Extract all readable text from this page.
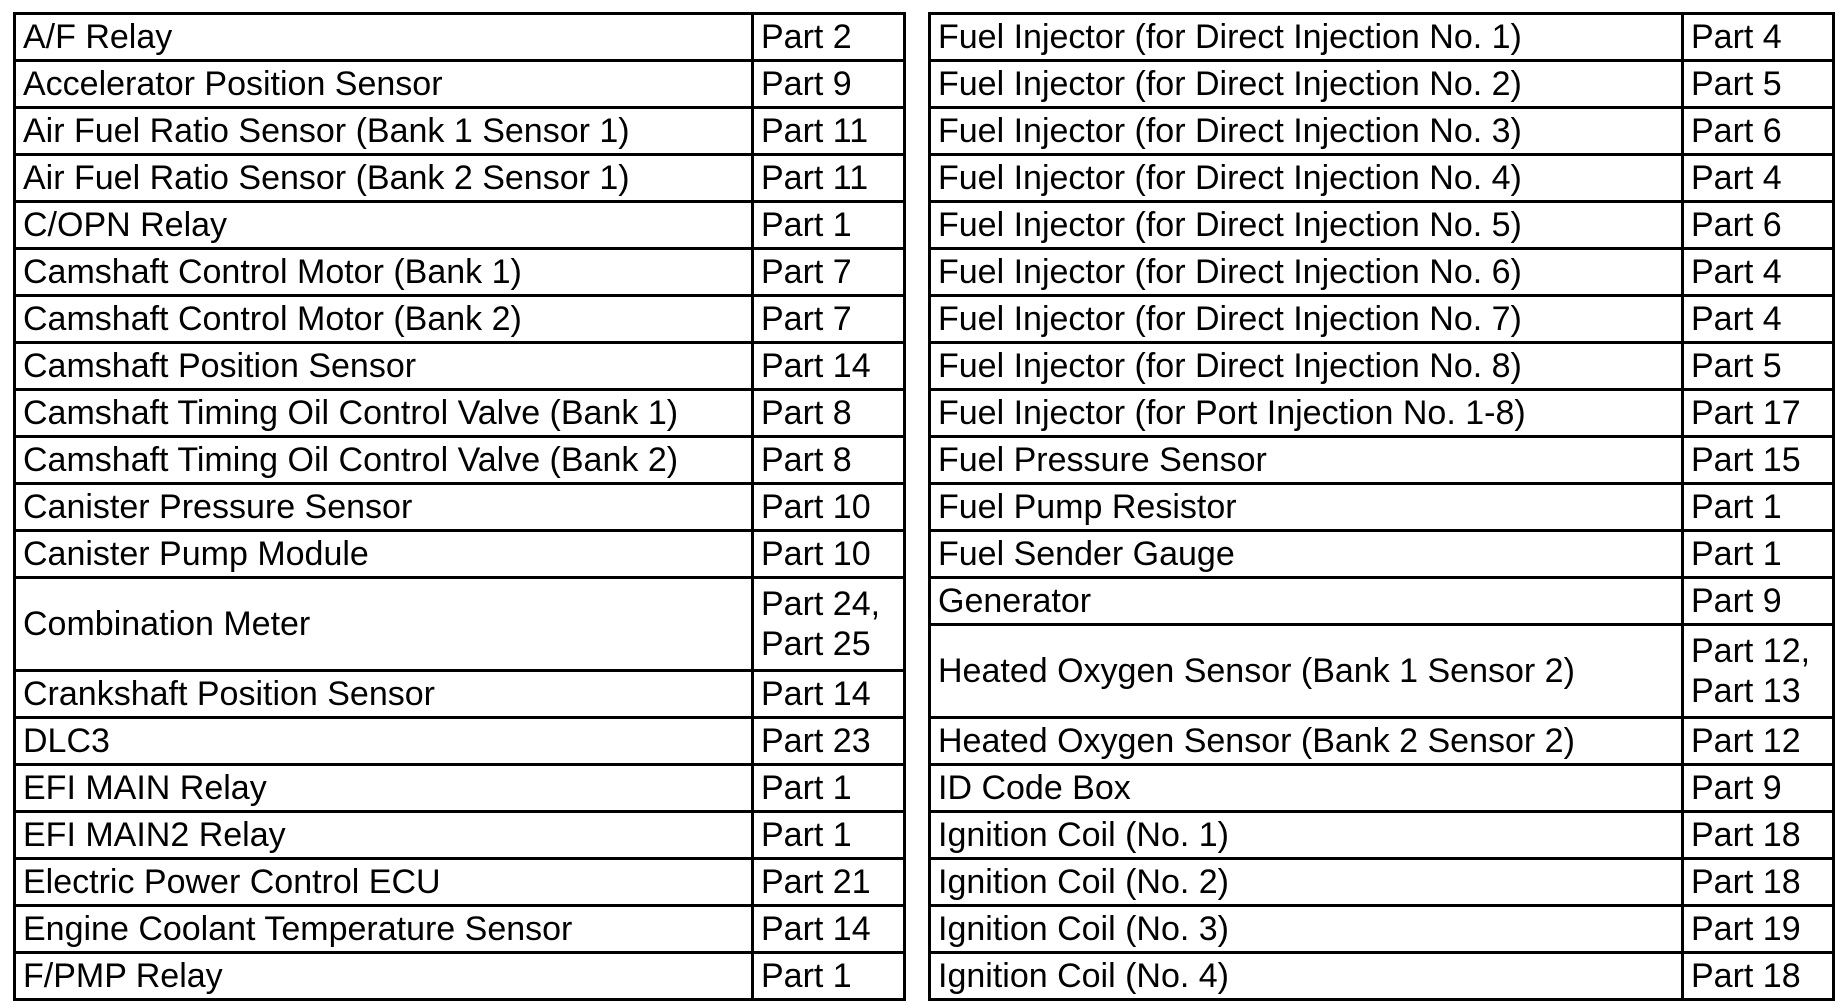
A/F Relay	Part 2

Accelerator Position Sensor	Part 9

Air Fuel Ratio Sensor (Bank 1 Sensor 1)	Part 11

Air Fuel Ratio Sensor (Bank 2 Sensor 1)	Part 11

C/OPN Relay	Part 1

Camshaft Control Motor (Bank 1)	Part 7

Camshaft Control Motor (Bank 2)	Part 7

Camshaft Position Sensor	Part 14

Camshaft Timing Oil Control Valve (Bank 1)	Part 8

Camshaft Timing Oil Control Valve (Bank 2)	Part 8

Canister Pressure Sensor	Part 10

Canister Pump Module	Part 10

Combination Meter	Part 24,
Part 25

Crankshaft Position Sensor	Part 14

DLC3	Part 23

EFI MAIN Relay	Part 1

EFI MAIN2 Relay	Part 1

Electric Power Control ECU	Part 21

Engine Coolant Temperature Sensor	Part 14

F/PMP Relay	Part 1
Fuel Injector (for Direct Injection No. 1)	Part 4

Fuel Injector (for Direct Injection No. 2)	Part 5

Fuel Injector (for Direct Injection No. 3)	Part 6

Fuel Injector (for Direct Injection No. 4)	Part 4

Fuel Injector (for Direct Injection No. 5)	Part 6

Fuel Injector (for Direct Injection No. 6)	Part 4

Fuel Injector (for Direct Injection No. 7)	Part 4

Fuel Injector (for Direct Injection No. 8)	Part 5

Fuel Injector (for Port Injection No. 1-8)	Part 17

Fuel Pressure Sensor	Part 15

Fuel Pump Resistor	Part 1

Fuel Sender Gauge	Part 1

Generator	Part 9

Heated Oxygen Sensor (Bank 1 Sensor 2)	Part 12,
Part 13

Heated Oxygen Sensor (Bank 2 Sensor 2)	Part 12

ID Code Box	Part 9

Ignition Coil (No. 1)	Part 18

Ignition Coil (No. 2)	Part 18

Ignition Coil (No. 3)	Part 19

Ignition Coil (No. 4)	Part 18
